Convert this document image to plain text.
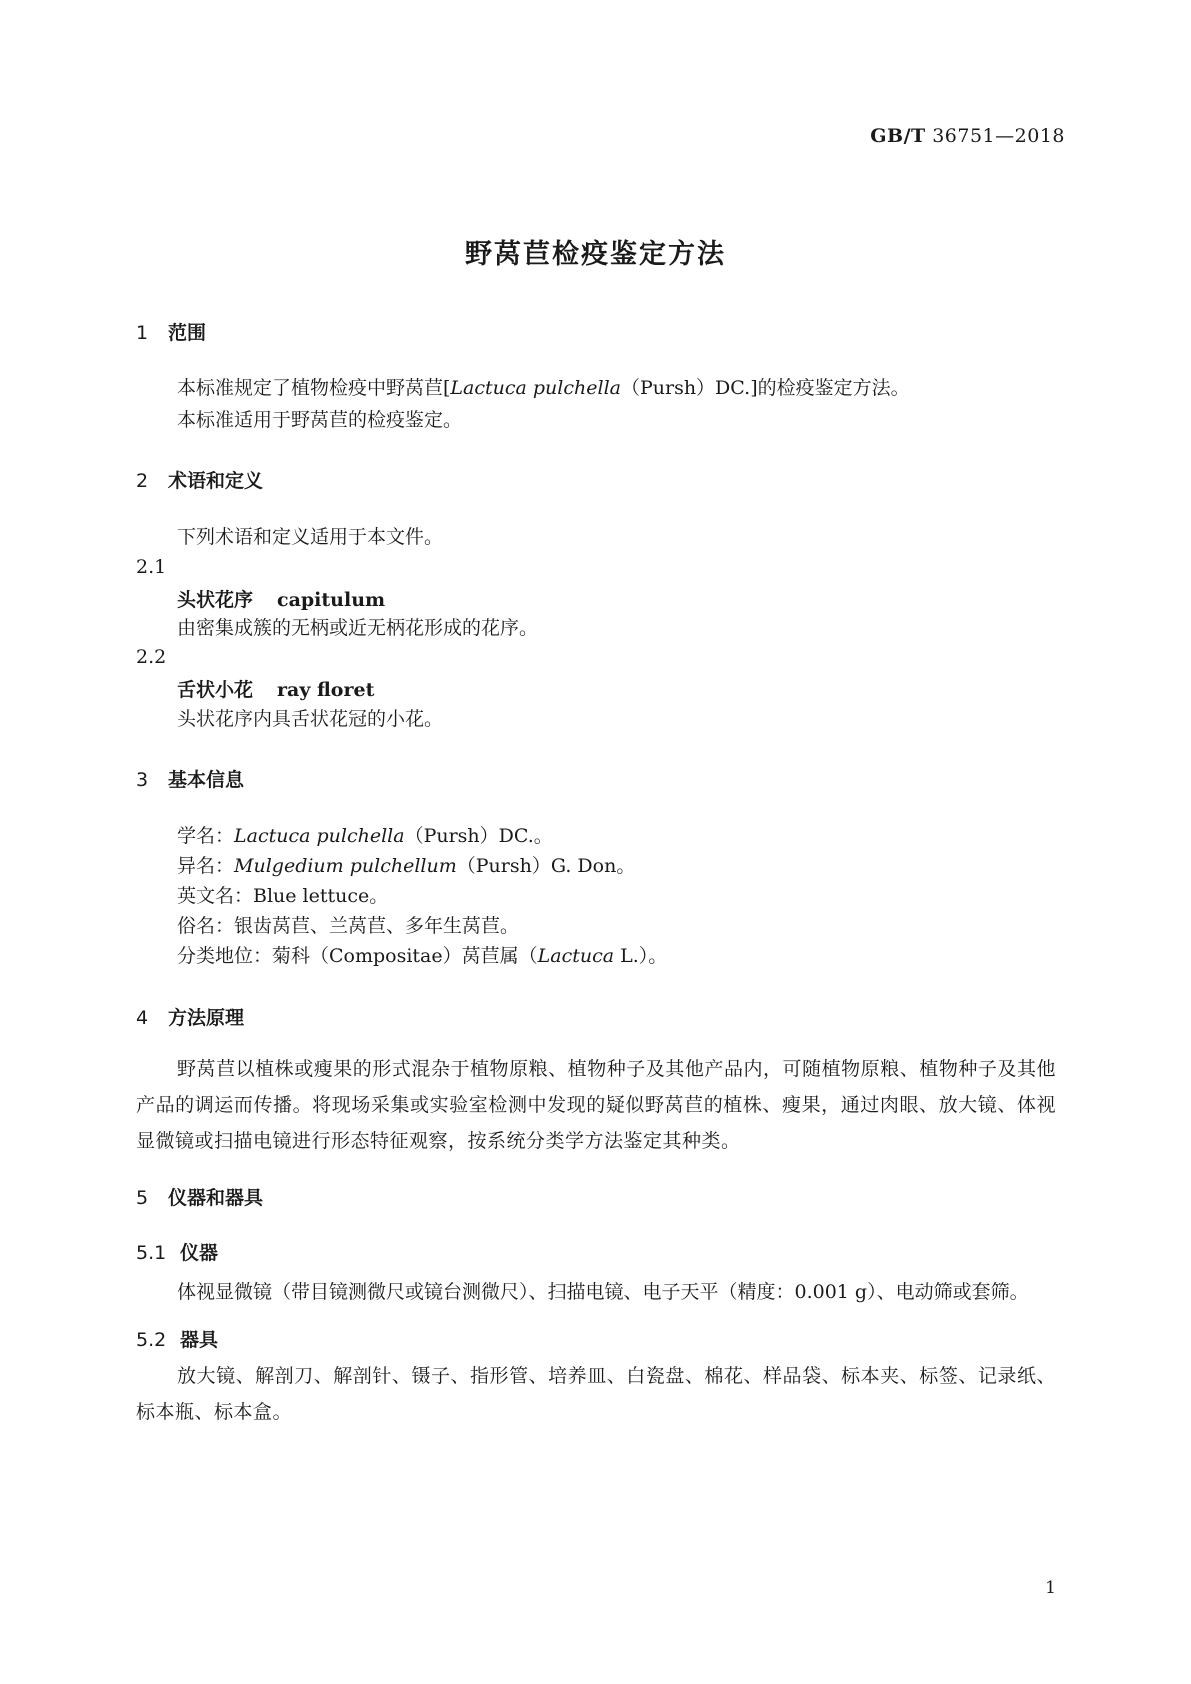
GB/T 36751—2018
野莴苣检疫鉴定方法
1 范围
本标准规定了植物检疫中野莴苣[Lactuca pulchella（Pursh）DC.]的检疫鉴定方法。
本标准适用于野莴苣的检疫鉴定。
2 术语和定义
下列术语和定义适用于本文件。
2.1
头状花序 capitulum
由密集成簇的无柄或近无柄花形成的花序。
2.2
舌状小花 ray floret
头状花序内具舌状花冠的小花。
3 基本信息
学名：Lactuca pulchella（Pursh）DC.。
异名：Mulgedium pulchellum（Pursh）G. Don。
英文名：Blue lettuce。
俗名：银齿莴苣、兰莴苣、多年生莴苣。
分类地位：菊科（Compositae）莴苣属（Lactuca L.）。
4 方法原理
野莴苣以植株或瘦果的形式混杂于植物原粮、植物种子及其他产品内，可随植物原粮、植物种子及其他产品的调运而传播。将现场采集或实验室检测中发现的疑似野莴苣的植株、瘦果，通过肉眼、放大镜、体视显微镜或扫描电镜进行形态特征观察，按系统分类学方法鉴定其种类。
5 仪器和器具
5.1 仪器
体视显微镜（带目镜测微尺或镜台测微尺）、扫描电镜、电子天平（精度：0.001 g）、电动筛或套筛。
5.2 器具
放大镜、解剖刀、解剖针、镊子、指形管、培养皿、白瓷盘、棉花、样品袋、标本夹、标签、记录纸、标本瓶、标本盒。
1
